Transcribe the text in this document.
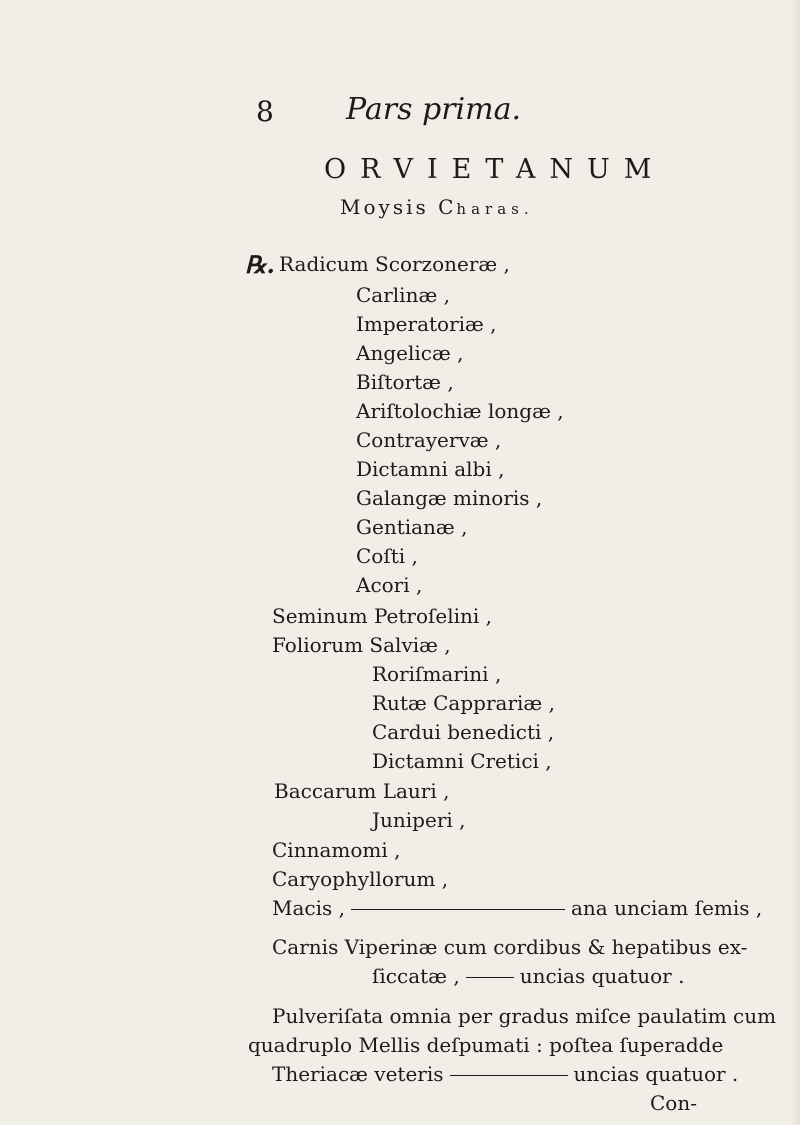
8 Pars prima.
ORVIETANUM
Moysis Charas.
℞. Radicum Scorzoneræ ,
Carlinæ ,
Imperatoriæ ,
Angelicæ ,
Biſtortæ ,
Ariſtolochiæ longæ ,
Contrayervæ ,
Dictamni albi ,
Galangæ minoris ,
Gentianæ ,
Coſti ,
Acori ,
Seminum Petroſelini ,
Foliorum Salviæ ,
Roriſmarini ,
Rutæ Capprariæ ,
Cardui benedicti ,
Dictamni Cretici ,
Baccarum Lauri ,
Juniperi ,
Cinnamomi ,
Caryophyllorum ,
Macis ,	ana unciam ſemis ,
Carnis Viperinæ cum cordibus & hepatibus ex-
ſiccatæ ,	uncias quatuor .
Pulveriſata omnia per gradus miſce paulatim cum
quadruplo Mellis deſpumati : poſtea ſuperadde
Theriacæ veteris	uncias quatuor .
Con-
